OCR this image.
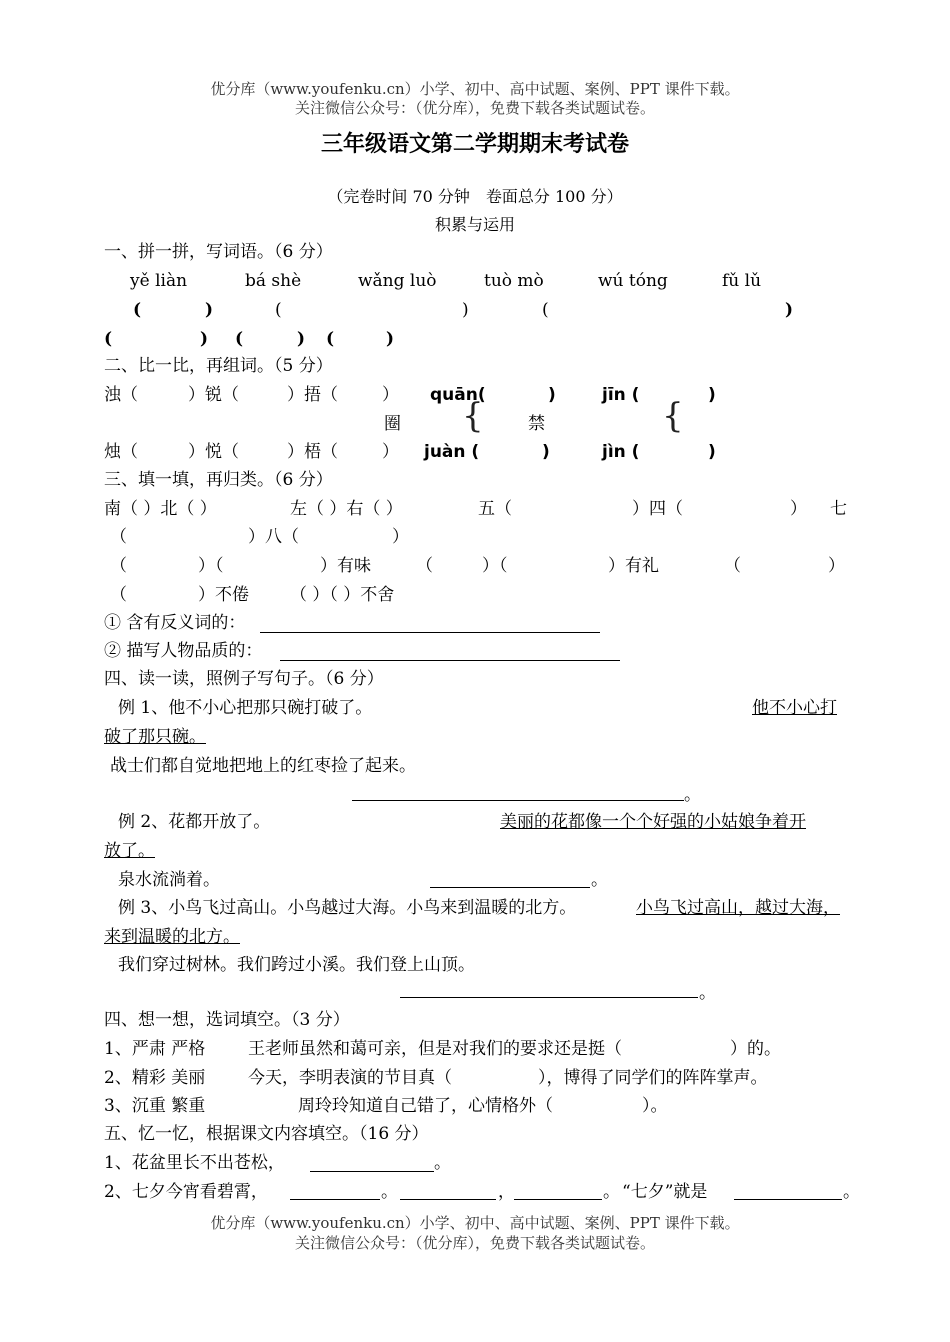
优分库（www.youfenku.cn）小学、初中、高中试题、案例、PPT 课件下载。
关注微信公众号：（优分库），免费下载各类试题试卷。
三年级语文第二学期期末考试卷
（完卷时间 70 分钟　卷面总分 100 分）
积累与运用
一、拼一拼，写词语。（6 分）
yě liàn	bá shè	wǎng luò	tuò mò	wú tóng	fǔ lǔ
(	)	(	)	(	)
(	) (	) (	)
二、比一比，再组词。（5 分）
浊（	）锐（	）捂（	） quān(	)	jīn (	)
圈 {	禁	{
烛（	）悦（	）梧（	） juàn (	)	jìn (	)
三、填一填，再归类。（6 分）
南（ ）北（ ）	左（ ）右（ ）	五（	）四（	） 七
（	）八（	）
（	）（	）有味	（	）（	）有礼	（	）
（	）不倦 （ ）（ ）不舍
① 含有反义词的：
② 描写人物品质的：
四、读一读，照例子写句子。（6 分）
例 1、他不小心把那只碗打破了。	他不小心打
破了那只碗。
战士们都自觉地把地上的红枣捡了起来。
。
例 2、花都开放了。	美丽的花都像一个个好强的小姑娘争着开
放了。
泉水流淌着。	。
例 3、小鸟飞过高山。小鸟越过大海。小鸟来到温暖的北方。	小鸟飞过高山，越过大海，
来到温暖的北方。
我们穿过树林。我们跨过小溪。我们登上山顶。
。
四、想一想，选词填空。（3 分）
1、严肃 严格	王老师虽然和蔼可亲，但是对我们的要求还是挺（	）的。
2、精彩 美丽	今天，李明表演的节目真（	），博得了同学们的阵阵掌声。
3、沉重 繁重	周玲玲知道自己错了，心情格外（	）。
五、忆一忆，根据课文内容填空。（16 分）
1、花盆里长不出苍松，	。
2、七夕今宵看碧霄，	。	，	。 “七夕”就是	。
优分库（www.youfenku.cn）小学、初中、高中试题、案例、PPT 课件下载。
关注微信公众号：（优分库），免费下载各类试题试卷。
